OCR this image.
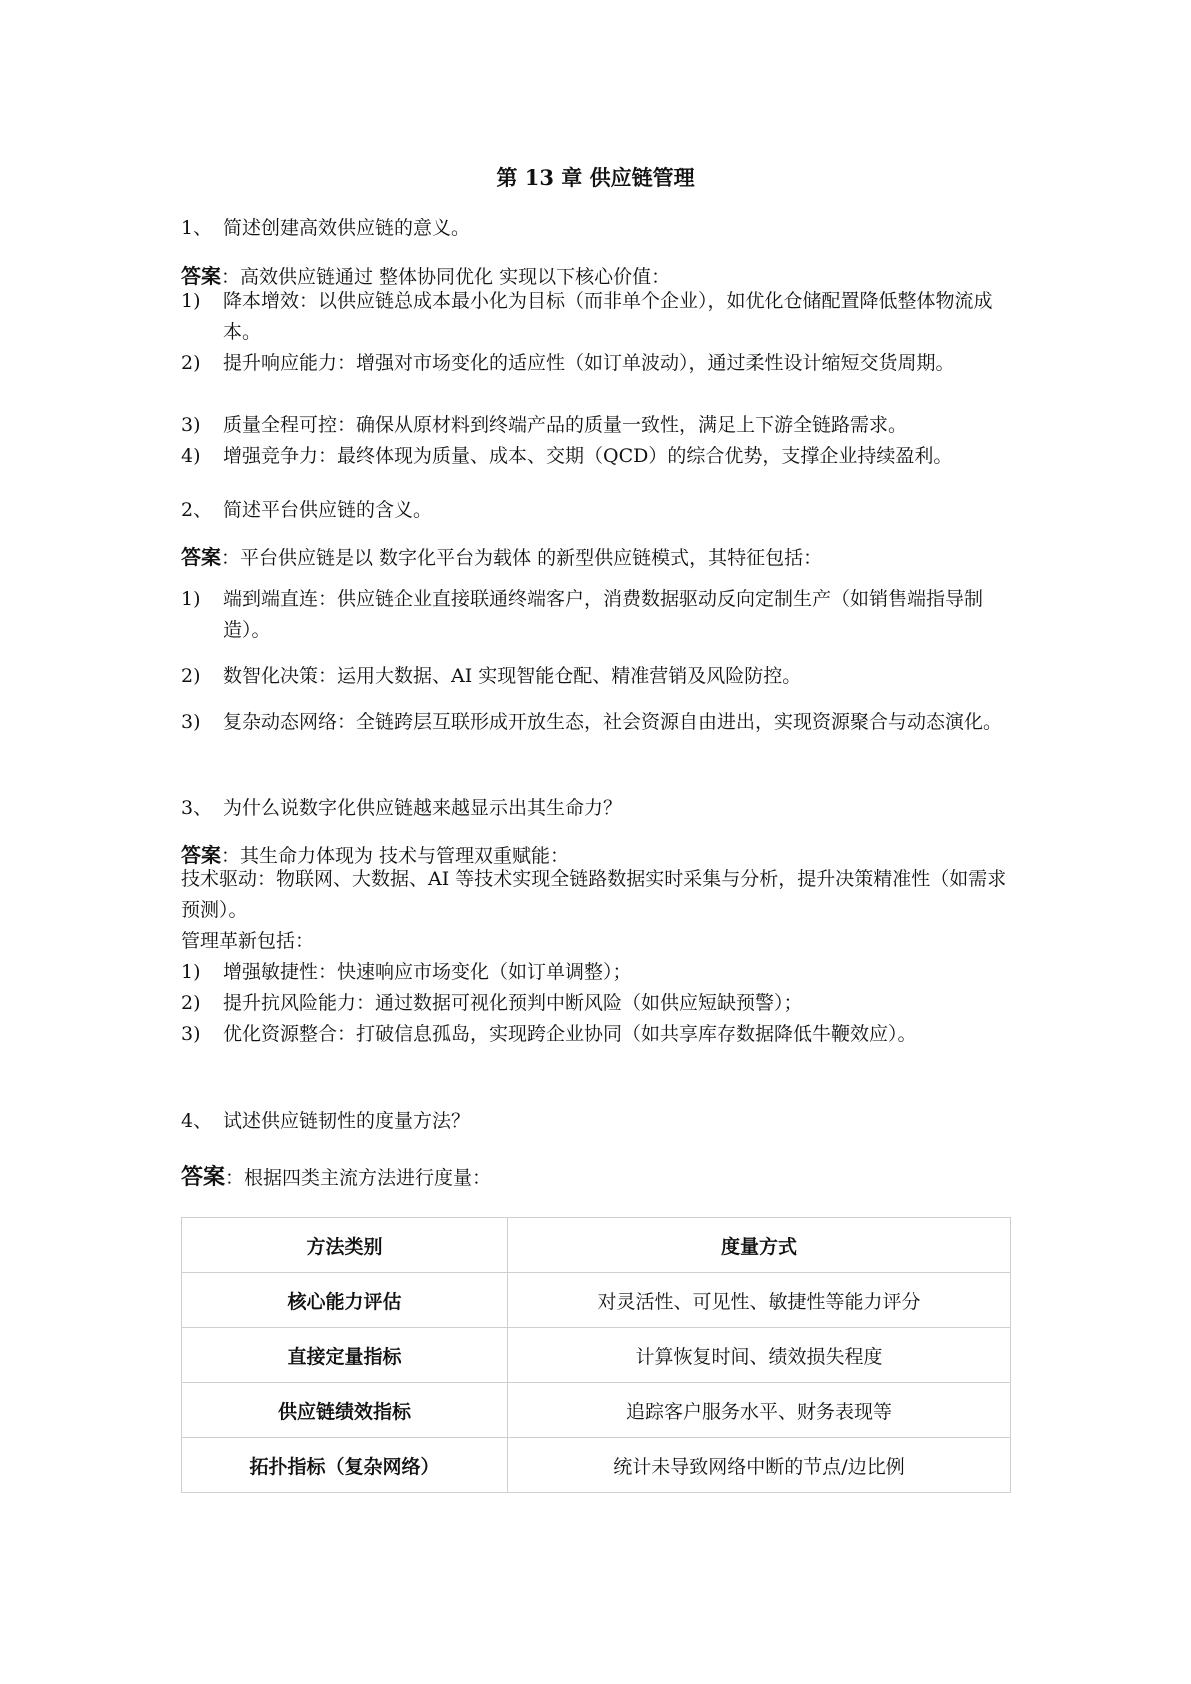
第 13 章 供应链管理

1、 简述创建高效供应链的意义。

答案：高效供应链通过 整体协同优化 实现以下核心价值：

1) 降本增效：以供应链总成本最小化为目标（而非单个企业），如优化仓储配置降低整体物流成本。
2) 提升响应能力：增强对市场变化的适应性（如订单波动），通过柔性设计缩短交货周期。
3) 质量全程可控：确保从原材料到终端产品的质量一致性，满足上下游全链路需求。
4) 增强竞争力：最终体现为质量、成本、交期（QCD）的综合优势，支撑企业持续盈利。

2、 简述平台供应链的含义。

答案：平台供应链是以 数字化平台为载体 的新型供应链模式，其特征包括：

1) 端到端直连：供应链企业直接联通终端客户，消费数据驱动反向定制生产（如销售端指导制造）。
2) 数智化决策：运用大数据、AI 实现智能仓配、精准营销及风险防控。
3) 复杂动态网络：全链跨层互联形成开放生态，社会资源自由进出，实现资源聚合与动态演化。

3、 为什么说数字化供应链越来越显示出其生命力？

答案：其生命力体现为 技术与管理双重赋能：

技术驱动：物联网、大数据、AI 等技术实现全链路数据实时采集与分析，提升决策精准性（如需求预测）。

管理革新包括：

1) 增强敏捷性：快速响应市场变化（如订单调整）；
2) 提升抗风险能力：通过数据可视化预判中断风险（如供应短缺预警）；
3) 优化资源整合：打破信息孤岛，实现跨企业协同（如共享库存数据降低牛鞭效应）。

4、 试述供应链韧性的度量方法？

答案：根据四类主流方法进行度量：

方法类别	度量方式
核心能力评估	对灵活性、可见性、敏捷性等能力评分
直接定量指标	计算恢复时间、绩效损失程度
供应链绩效指标	追踪客户服务水平、财务表现等
拓扑指标（复杂网络）	统计未导致网络中断的节点/边比例
